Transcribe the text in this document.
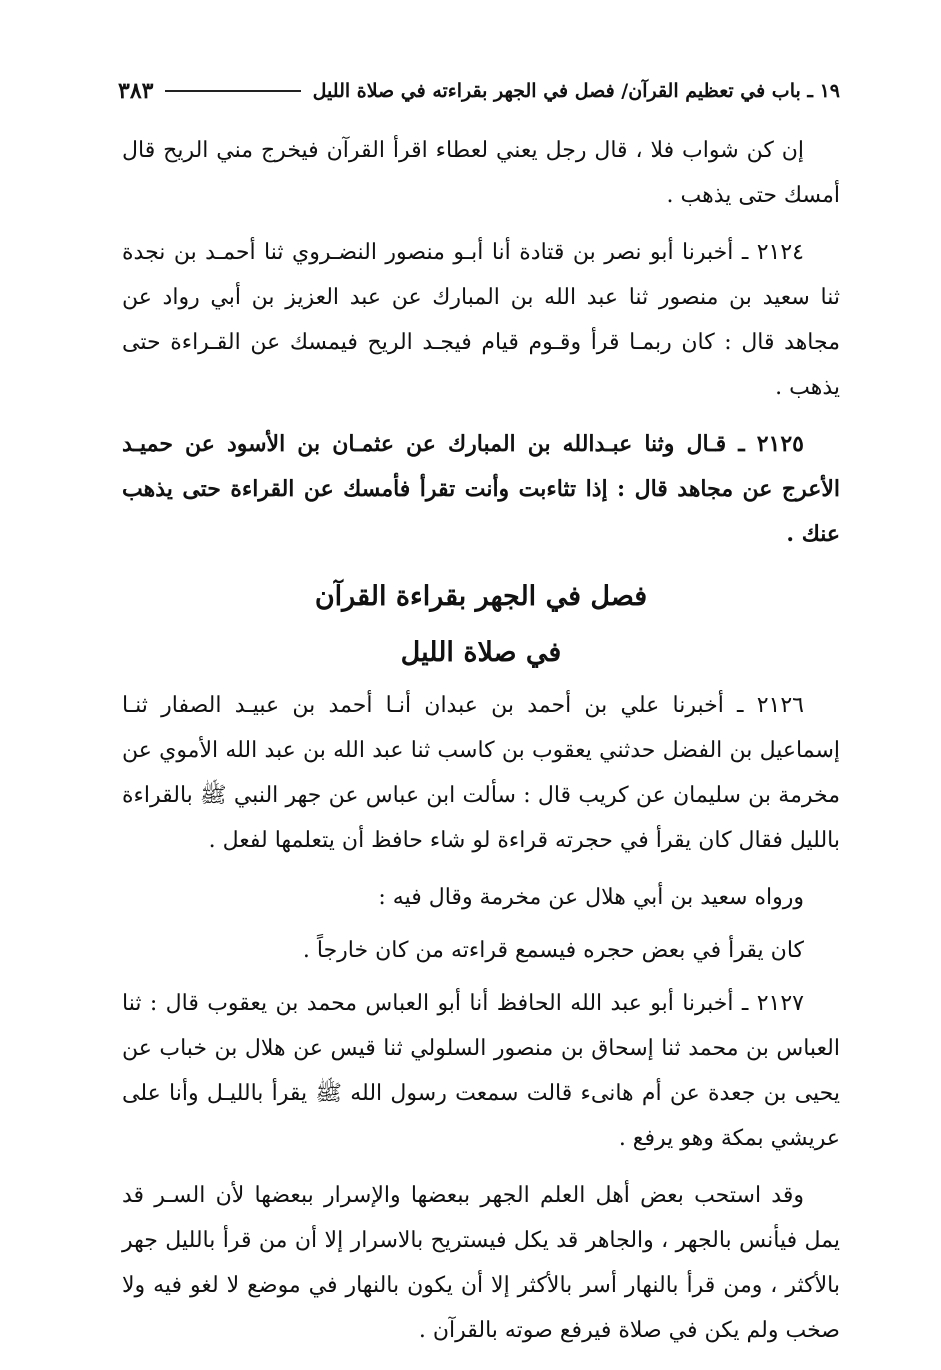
١٩ ـ باب في تعظيم القرآن/ فصل في الجهر بقراءته في صلاة الليل
٣٨٣

إن كن شواب فلا ، قال رجل يعني لعطاء اقرأ القرآن فيخرج مني الريح قال أمسك حتى يذهب .

٢١٢٤ ـ أخبرنا أبو نصر بن قتادة أنا أبـو منصور النضـروي ثنا أحمـد بن نجدة ثنا سعيد بن منصور ثنا عبد الله بن المبارك عن عبد العزيز بن أبي رواد عن مجاهد قال : كان ربمـا قرأ وقـوم قيام فيجـد الريح فيمسك عن القـراءة حتى يذهب .

٢١٢٥ ـ قـال وثنا عبـدالله بن المبارك عن عثمـان بن الأسود عن حميـد الأعرج عن مجاهد قال : إذا تثاءبت وأنت تقرأ فأمسك عن القراءة حتى يذهب عنك .

فصل في الجهر بقراءة القرآن

في صلاة الليل

٢١٢٦ ـ أخبرنا علي بن أحمد بن عبدان أنـا أحمد بن عبيـد الصفار ثنـا إسماعيل بن الفضل حدثني يعقوب بن كاسب ثنا عبد الله بن عبد الله الأموي عن مخرمة بن سليمان عن كريب قال : سألت ابن عباس عن جهر النبي ﷺ بالقراءة بالليل فقال كان يقرأ في حجرته قراءة لو شاء حافظ أن يتعلمها لفعل .

ورواه سعيد بن أبي هلال عن مخرمة وقال فيه :

كان يقرأ في بعض حجره فيسمع قراءته من كان خارجاً .

٢١٢٧ ـ أخبرنا أبو عبد الله الحافظ أنا أبو العباس محمد بن يعقوب قال : ثنا العباس بن محمد ثنا إسحاق بن منصور السلولي ثنا قيس عن هلال بن خباب عن يحيى بن جعدة عن أم هانىء قالت سمعت رسول الله ﷺ يقرأ بالليـل وأنا على عريشي بمكة وهو يرفع .

وقد استحب بعض أهل العلم الجهر ببعضها والإسرار ببعضها لأن السـر قد يمل فيأنس بالجهر ، والجاهر قد يكل فيستريح بالاسرار إلا أن من قرأ بالليل جهر بالأكثر ، ومن قرأ بالنهار أسر بالأكثر إلا أن يكون بالنهار في موضع لا لغو فيه ولا صخب ولم يكن في صلاة فيرفع صوته بالقرآن .
